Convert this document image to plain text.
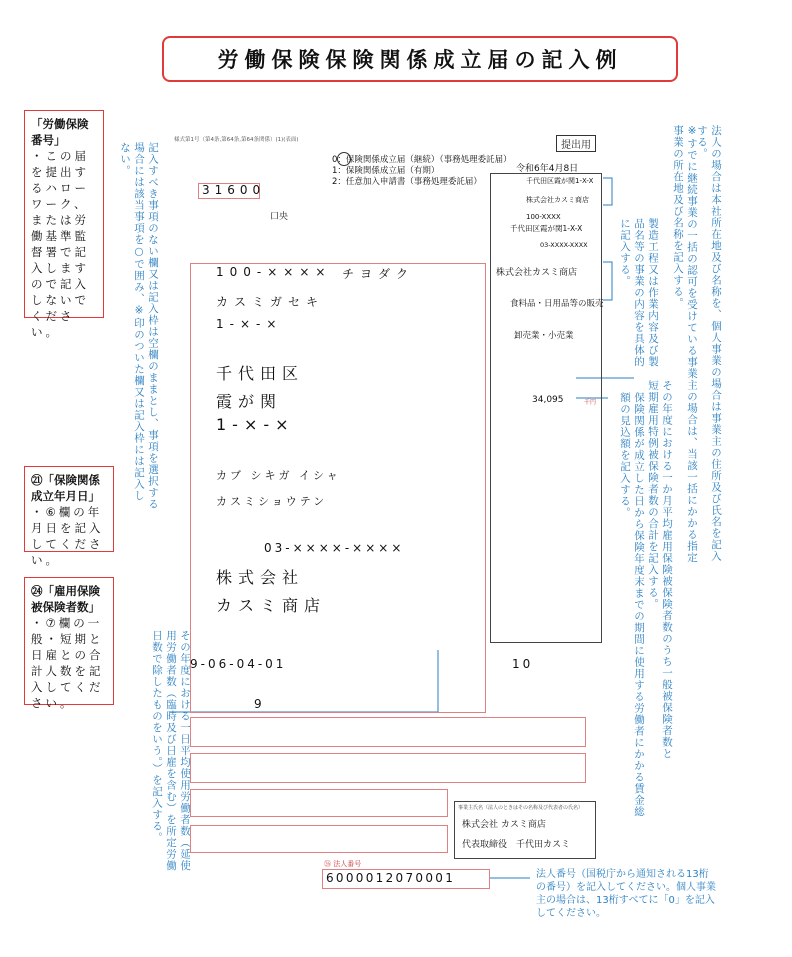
労働保険保険関係成立届の記入例
「労働保険番号」
・この届を提出するハローワーク、または労働基準監督署で記入しますので記入しないでください。
㉑「保険関係成立年月日」
・⑥欄の年月日を記入してください。
㉔「雇用保険被保険者数」
・⑦欄の一般・短期と日雇との合計人数を記入してください。
記入すべき事項のない欄又は記入枠は空欄のままとし、事項を選択する場合には該当事項を○で囲み、※印のついた欄又は記入枠には記入しない。	法人の場合は本社所在地及び名称を、個人事業の場合は事業主の住所及び氏名を記入する。
※すでに継続事業の一括の認可を受けている事業主の場合は、当該一括にかかる指定事業の所在地及び名称を記入する。
製造工程又は作業内容及び製品名等の事業の内容を具体的に記入する。
その年度における一か月平均雇用保険被保険者数のうち一般被保険者数と短期雇用特例被保険者数の合計を記入する。
保険関係が成立した日から保険年度末までの期間に使用する労働者にかかる賃金総額の見込額を記入する。
その年度における一日平均使用労働者数（延使用労働者数（臨時及び日雇を含む）を所定労働日数で除したものをいう。）を記入する。
法人番号（国税庁から通知される13桁の番号）を記入してください。個人事業主の場合は、13桁すべてに「0」を記入してください。
様式第1号（第4条,第64条,第64条関係）(1)(表面)	提出用
0：保険関係成立届（継続）（事務処理委託届）
1：保険関係成立届（有期）
2：任意加入申請書（事務処理委託届）
令和6年4月8日
31600
口央
千代田区霞が関1-X-X
株式会社カスミ商店
100-XXXX
千代田区霞が関1-X-X
03-XXXX-XXXX
株式会社カスミ商店
食料品・日用品等の販売
卸売業・小売業
34,095	千円
100-×××× チヨダク
カスミガセキ
1-×-×
千代田区
霞が関
1-×-×
カブ シキガ イシャ
カスミショウテン
03-××××-××××
株式会社
カスミ商店
9-06-04-01	10
9
事業主氏名（法人のときはその名称及び代表者の氏名）
株式会社 カスミ商店
代表取締役　千代田カスミ
㉖ 法人番号
6000012070001
